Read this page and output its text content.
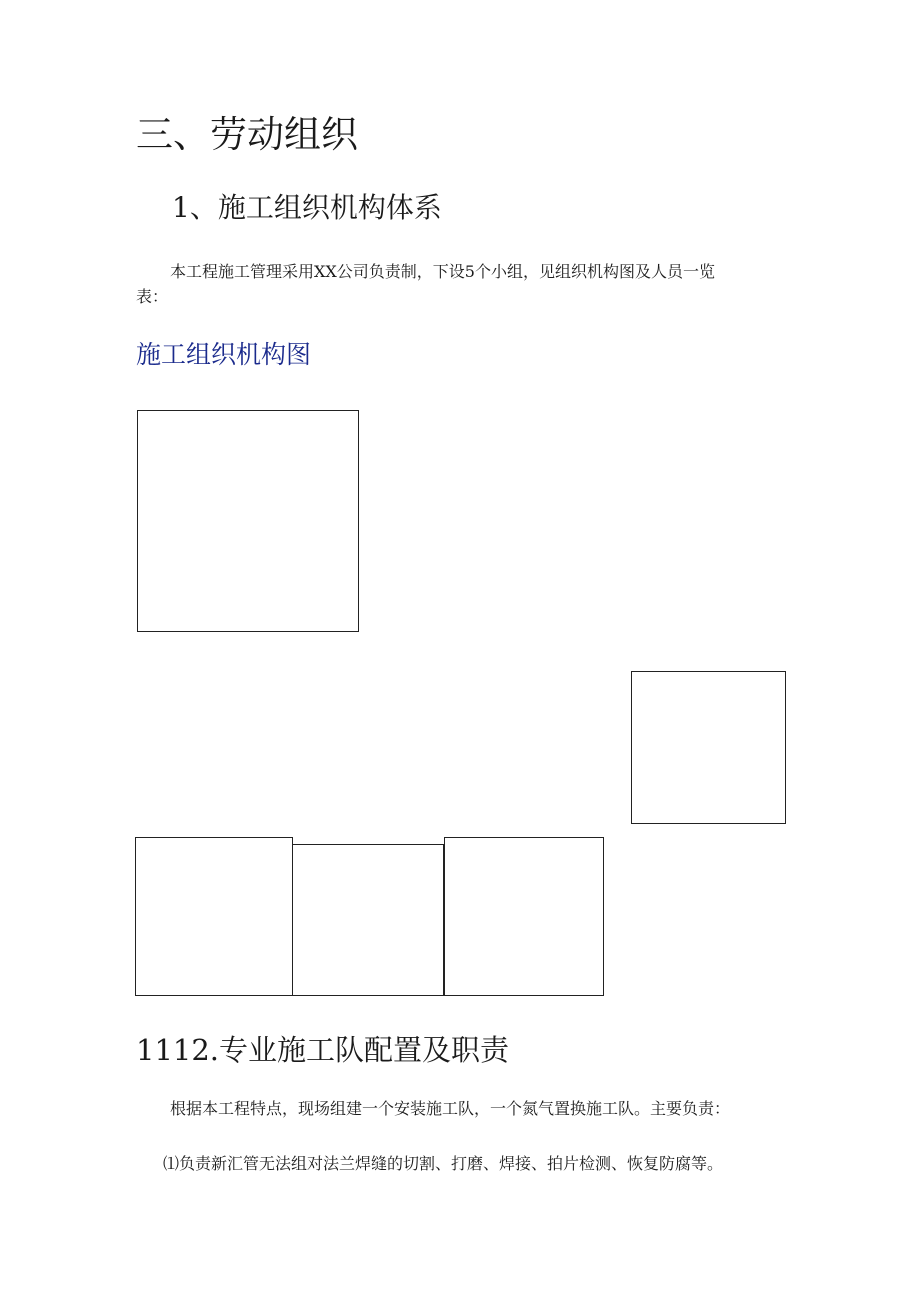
三、劳动组织
1、施工组织机构体系
本工程施工管理采用XX公司负责制，下设5个小组，见组织机构图及人员一览
表：
施工组织机构图
1112.专业施工队配置及职责
根据本工程特点，现场组建一个安装施工队，一个氮气置换施工队。主要负责：
⑴负责新汇管无法组对法兰焊缝的切割、打磨、焊接、拍片检测、恢复防腐等。
